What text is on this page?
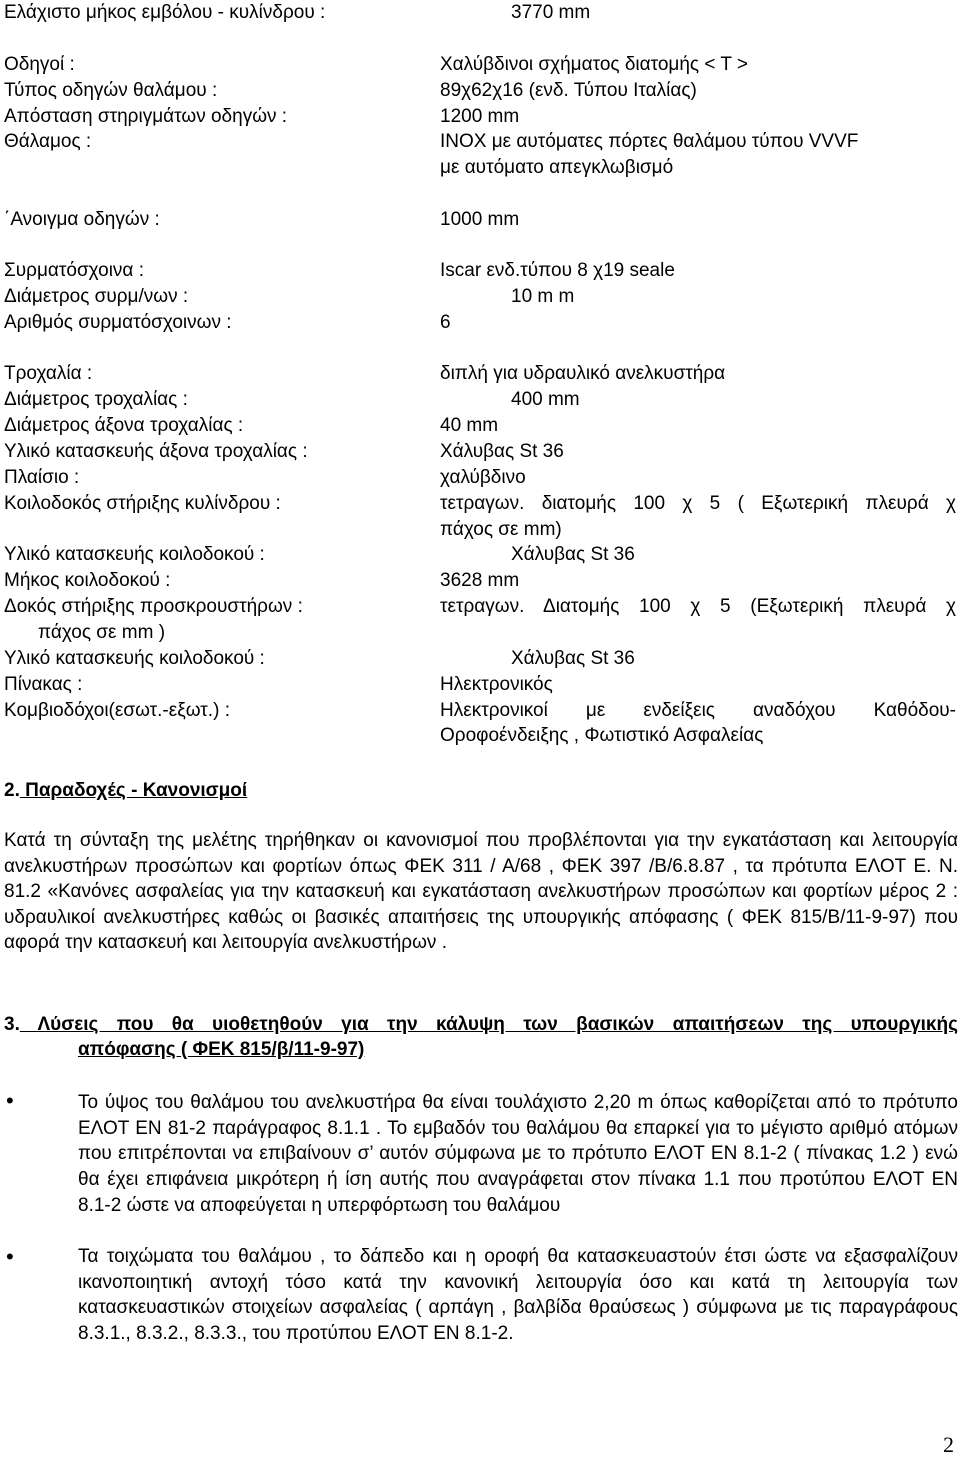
Ελάχιστο μήκος εμβόλου - κυλίνδρου :	3770 mm
Οδηγοί :	Χαλύβδινοι σχήματος διατομής < Τ >
Τύπος οδηγών θαλάμου :	89χ62χ16 (ενδ. Τύπου Ιταλίας)
Απόσταση στηριγμάτων οδηγών :	1200 mm
Θάλαμος :	INOX με αυτόματες πόρτες θαλάμου τύπου VVVF
με αυτόματο απεγκλωβισμό
΄Ανοιγμα οδηγών :	1000 mm
Συρματόσχοινα :	Iscar ενδ.τύπου 8 χ19 seale
Διάμετρος συρμ/νων :	10 m m
Αριθμός συρματόσχοινων :	6
Τροχαλία :	διπλή για υδραυλικό ανελκυστήρα
Διάμετρος τροχαλίας :	400 mm
Διάμετρος άξονα τροχαλίας :	40 mm
Υλικό κατασκευής άξονα τροχαλίας :	Χάλυβας St 36
Πλαίσιο :	χαλύβδινο
Κοιλοδοκός στήριξης κυλίνδρου :	τετραγων. διατομής 100 χ 5 ( Εξωτερική πλευρά χ
πάχος σε mm)
Υλικό κατασκευής κοιλοδοκού :	Χάλυβας St 36
Μήκος κοιλοδοκού :	3628 mm
Δοκός στήριξης προσκρουστήρων :	τετραγων. Διατομής 100 χ 5 (Εξωτερική πλευρά χ
πάχος σε mm )
Υλικό κατασκευής κοιλοδοκού :	Χάλυβας St 36
Πίνακας :	Ηλεκτρονικός
Κομβιοδόχοι(εσωτ.-εξωτ.) :	Ηλεκτρονικοί με ενδείξεις αναδόχου Καθόδου-
Οροφοένδειξης , Φωτιστικό Ασφαλείας
2. Παραδοχές - Κανονισμοί
Κατά τη σύνταξη της μελέτης τηρήθηκαν οι κανονισμοί που προβλέπονται για την εγκατάσταση και λειτουργία ανελκυστήρων προσώπων και φορτίων όπως ΦΕΚ 311 / Α/68 , ΦΕΚ 397 /Β/6.8.87 , τα πρότυπα ΕΛΟΤ Ε. Ν. 81.2 «Κανόνες ασφαλείας για την κατασκευή και εγκατάσταση ανελκυστήρων προσώπων και φορτίων μέρος 2 : υδραυλικοί ανελκυστήρες καθώς οι βασικές απαιτήσεις της υπουργικής απόφασης ( ΦΕΚ 815/Β/11-9-97) που αφορά την κατασκευή και λειτουργία ανελκυστήρων .
3. Λύσεις που θα υιοθετηθούν για την κάλυψη των βασικών απαιτήσεων της υπουργικής
απόφασης ( ΦΕΚ 815/β/11-9-97)
•	Το ύψος του θαλάμου του ανελκυστήρα θα είναι τουλάχιστο 2,20 m όπως καθορίζεται από το πρότυπο ΕΛΟΤ ΕΝ 81-2 παράγραφος 8.1.1 . Το εμβαδόν του θαλάμου θα επαρκεί για το μέγιστο αριθμό ατόμων που επιτρέπονται να επιβαίνουν σ’ αυτόν σύμφωνα με το πρότυπο ΕΛΟΤ ΕΝ 8.1-2 ( πίνακας 1.2 ) ενώ θα έχει επιφάνεια μικρότερη ή ίση αυτής που αναγράφεται στον πίνακα 1.1 που προτύπου ΕΛΟΤ ΕΝ 8.1-2 ώστε να αποφεύγεται η υπερφόρτωση του θαλάμου
•	Τα τοιχώματα του θαλάμου , το δάπεδο και η οροφή θα κατασκευαστούν έτσι ώστε να εξασφαλίζουν ικανοποιητική αντοχή τόσο κατά την κανονική λειτουργία όσο και κατά τη λειτουργία των κατασκευαστικών στοιχείων ασφαλείας ( αρπάγη , βαλβίδα θραύσεως ) σύμφωνα με τις παραγράφους 8.3.1., 8.3.2., 8.3.3., του προτύπου ΕΛΟΤ ΕΝ 8.1-2.
2
